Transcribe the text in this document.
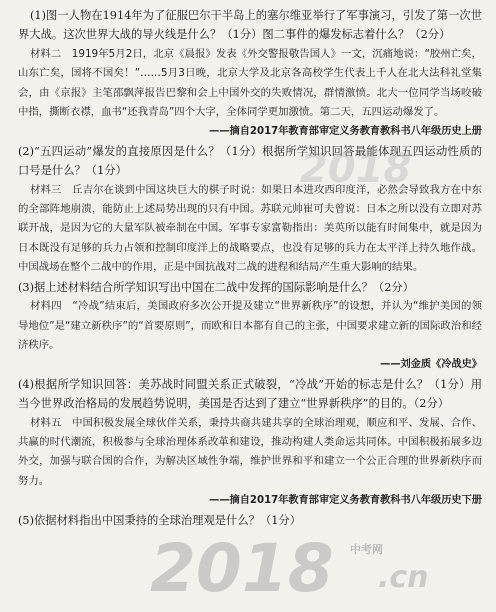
(1)图一人物在1914年为了征服巴尔干半岛上的塞尔维亚举行了军事演习，引发了第一次世界大战。这次世界大战的导火线是什么？（1分）图二事件的爆发标志着什么？（2分）

材料二　1919年5月2日，北京《晨报》发表《外交警报敬告国人》一文，沉痛地说：“胶州亡矣，山东亡矣，国将不国矣！”……5月3日晚，北京大学及北京各高校学生代表上千人在北大法科礼堂集会，由《京报》主笔邵飘萍报告巴黎和会上中国外交的失败情况，群情激愤。北大一位同学当场咬破中指，撕断衣襟，血书“还我青岛”四个大字，全体同学更加激愤。第二天，五四运动爆发了。

——摘自2017年教育部审定义务教育教科书八年级历史上册

(2)“五四运动”爆发的直接原因是什么？（1分）根据所学知识回答最能体现五四运动性质的口号是什么？（1分）

材料三　丘吉尔在谈到中国这块巨大的棋子时说：如果日本进攻西印度洋，必然会导致我方在中东的全部阵地崩溃，能防止上述局势出现的只有中国。苏联元帅崔可夫曾说：日本之所以没有立即对苏联开战，是因为它的大量军队被牵制在中国。军事专家富勒指出：美英所以能有时间集中，就是因为日本既没有足够的兵力占领和控制印度洋上的战略要点，也没有足够的兵力在太平洋上持久地作战。中国战场在整个二战中的作用，正是中国抗战对二战的进程和结局产生重大影响的结果。

(3)据上述材料结合所学知识写出中国在二战中发挥的国际影响是什么？（2分）

材料四　“冷战”结束后，美国政府多次公开提及建立“世界新秩序”的设想，并认为“维护美国的领导地位”是“建立新秩序”的“首要原则”，而欧和日本都有自己的主张，中国要求建立新的国际政治和经济秩序。

——刘金质《冷战史》

(4)根据所学知识回答：美苏战时同盟关系正式破裂，“冷战”开始的标志是什么？（1分）用当今世界政治格局的发展趋势说明，美国是否达到了建立“世界新秩序”的目的。（2分）

材料五　中国积极发展全球伙伴关系，秉持共商共建共享的全球治理观，顺应和平、发展、合作、共赢的时代潮流，积极参与全球治理体系改革和建设，推动构建人类命运共同体。中国积极拓展多边外交，加强与联合国的合作，为解决区域性争端，维护世界和平和建立一个公正合理的世界新秩序而努力。

——摘自2017年教育部审定义务教育教科书八年级历史下册

(5)依据材料指出中国秉持的全球治理观是什么？（1分）

2018
中考网
2018 .cn
